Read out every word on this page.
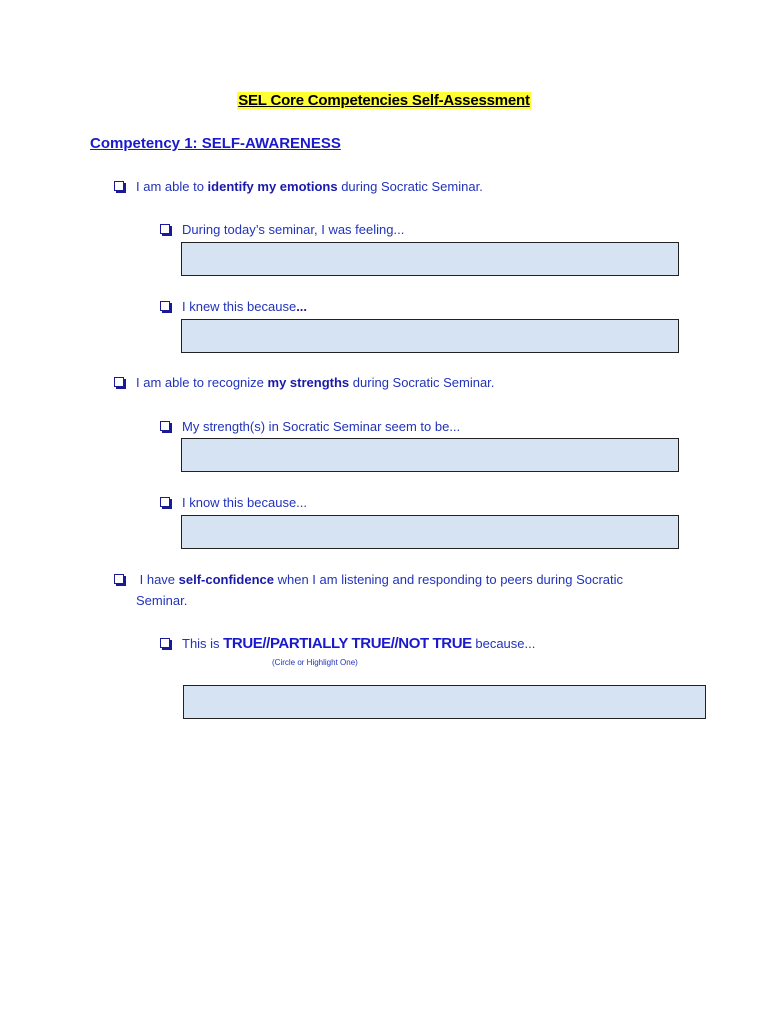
SEL Core Competencies Self-Assessment
Competency 1: SELF-AWARENESS
I am able to identify my emotions during Socratic Seminar.
During today’s seminar, I was feeling...
I knew this because...
I am able to recognize my strengths during Socratic Seminar.
My strength(s) in Socratic Seminar seem to be...
I know this because...
I have self-confidence when I am listening and responding to peers during Socratic
Seminar.
This is TRUE//PARTIALLY TRUE//NOT TRUE because...
(Circle or Highlight One)
